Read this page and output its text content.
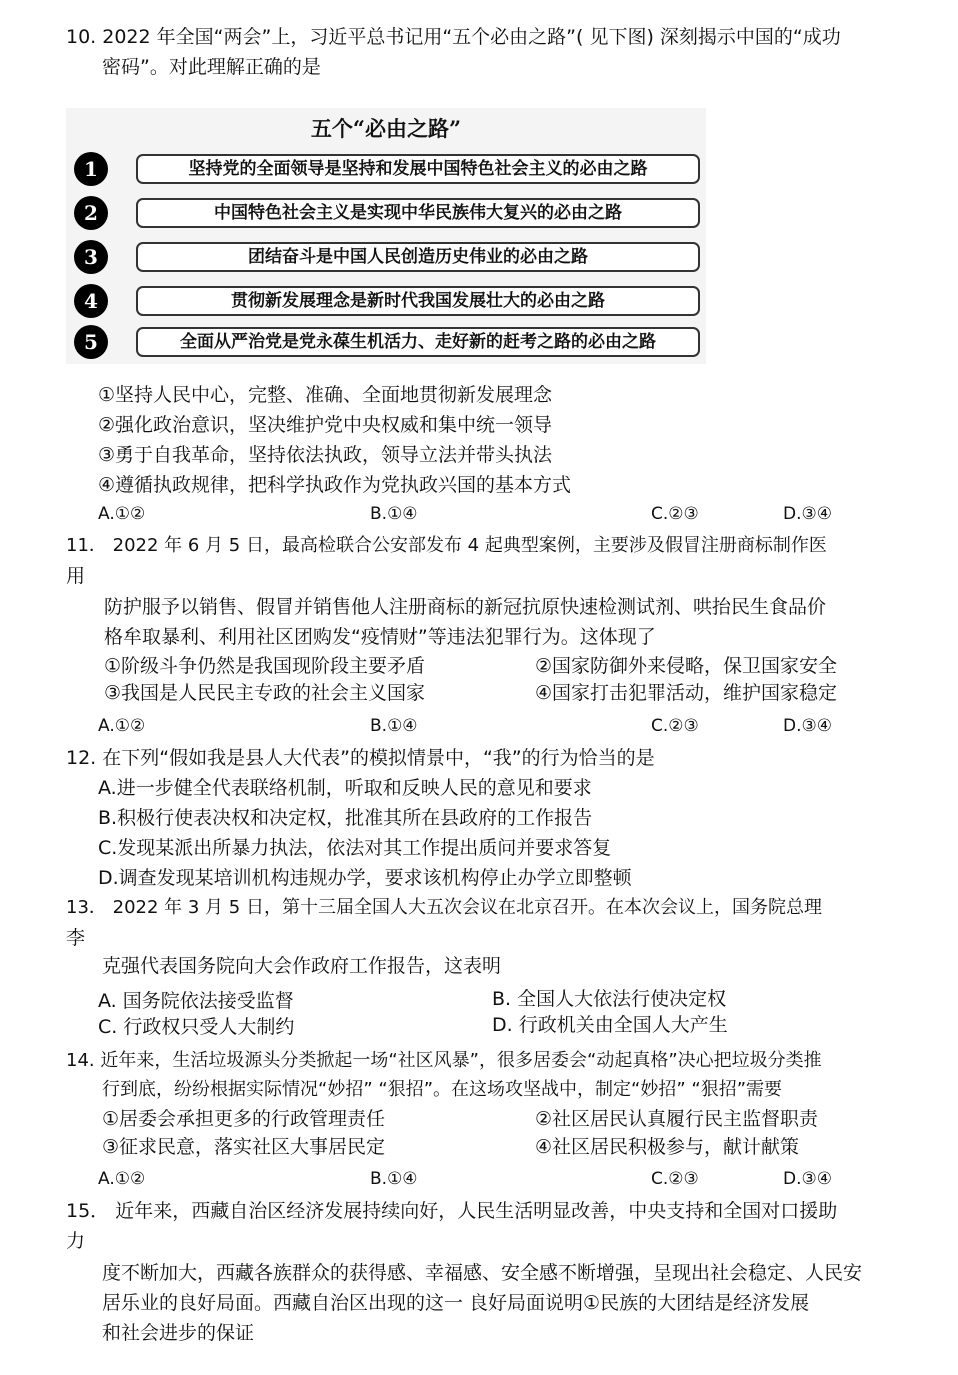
10. 2022 年全国“两会”上，习近平总书记用“五个必由之路”( 见下图) 深刻揭示中国的“成功
密码”。对此理解正确的是
五个“必由之路”
1	坚持党的全面领导是坚持和发展中国特色社会主义的必由之路
2	中国特色社会主义是实现中华民族伟大复兴的必由之路
3	团结奋斗是中国人民创造历史伟业的必由之路
4	贯彻新发展理念是新时代我国发展壮大的必由之路
5	全面从严治党是党永葆生机活力、走好新的赶考之路的必由之路
①坚持人民中心，完整、准确、全面地贯彻新发展理念
②强化政治意识，坚决维护党中央权威和集中统一领导
③勇于自我革命，坚持依法执政，领导立法并带头执法
④遵循执政规律，把科学执政作为党执政兴国的基本方式
A.①②	B.①④	C.②③	D.③④
11． 2022 年 6 月 5 日，最高检联合公安部发布 4 起典型案例，主要涉及假冒注册商标制作医
用
防护服予以销售、假冒并销售他人注册商标的新冠抗原快速检测试剂、哄抬民生食品价
格牟取暴利、利用社区团购发“疫情财”等违法犯罪行为。这体现了
①阶级斗争仍然是我国现阶段主要矛盾	②国家防御外来侵略，保卫国家安全
③我国是人民民主专政的社会主义国家	④国家打击犯罪活动，维护国家稳定
A.①②	B.①④	C.②③	D.③④
12. 在下列“假如我是县人大代表”的模拟情景中，“我”的行为恰当的是
A.进一步健全代表联络机制，听取和反映人民的意见和要求
B.积极行使表决权和决定权，批准其所在县政府的工作报告
C.发现某派出所暴力执法，依法对其工作提出质问并要求答复
D.调查发现某培训机构违规办学，要求该机构停止办学立即整顿
13． 2022 年 3 月 5 日，第十三届全国人大五次会议在北京召开。在本次会议上，国务院总理
李
克强代表国务院向大会作政府工作报告，这表明
A. 国务院依法接受监督	B. 全国人大依法行使决定权
C. 行政权只受人大制约	D. 行政机关由全国人大产生
14. 近年来，生活垃圾源头分类掀起一场“社区风暴”，很多居委会“动起真格”决心把垃圾分类推
行到底，纷纷根据实际情况“妙招” “狠招”。在这场攻坚战中，制定“妙招” “狠招”需要
①居委会承担更多的行政管理责任	②社区居民认真履行民主监督职责
③征求民意，落实社区大事居民定	④社区居民积极参与，献计献策
A.①②	B.①④	C.②③	D.③④
15． 近年来，西藏自治区经济发展持续向好，人民生活明显改善，中央支持和全国对口援助
力
度不断加大，西藏各族群众的获得感、幸福感、安全感不断增强，呈现出社会稳定、人民安
居乐业的良好局面。西藏自治区出现的这一 良好局面说明①民族的大团结是经济发展
和社会进步的保证
